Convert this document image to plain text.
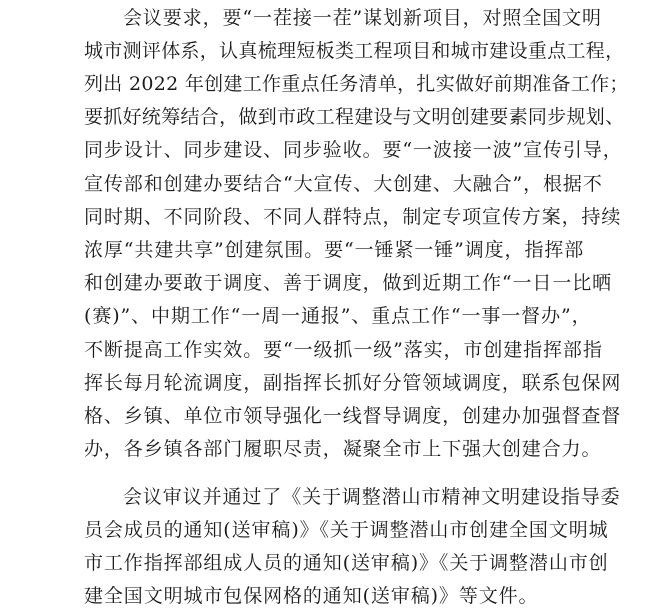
会议要求，要“一茬接一茬”谋划新项目，对照全国文明
城市测评体系，认真梳理短板类工程项目和城市建设重点工程，
列出 2022 年创建工作重点任务清单，扎实做好前期准备工作；
要抓好统筹结合，做到市政工程建设与文明创建要素同步规划、
同步设计、同步建设、同步验收。要“一波接一波”宣传引导，
宣传部和创建办要结合“大宣传、大创建、大融合”，根据不
同时期、不同阶段、不同人群特点，制定专项宣传方案，持续
浓厚“共建共享”创建氛围。要“一锤紧一锤”调度，指挥部
和创建办要敢于调度、善于调度，做到近期工作“一日一比晒
(赛)”、中期工作“一周一通报”、重点工作“一事一督办”，
不断提高工作实效。要“一级抓一级”落实，市创建指挥部指
挥长每月轮流调度，副指挥长抓好分管领域调度，联系包保网
格、乡镇、单位市领导强化一线督导调度，创建办加强督查督
办，各乡镇各部门履职尽责，凝聚全市上下强大创建合力。
会议审议并通过了《关于调整潜山市精神文明建设指导委
员会成员的通知(送审稿)》《关于调整潜山市创建全国文明城
市工作指挥部组成人员的通知(送审稿)》《关于调整潜山市创
建全国文明城市包保网格的通知(送审稿)》等文件。
